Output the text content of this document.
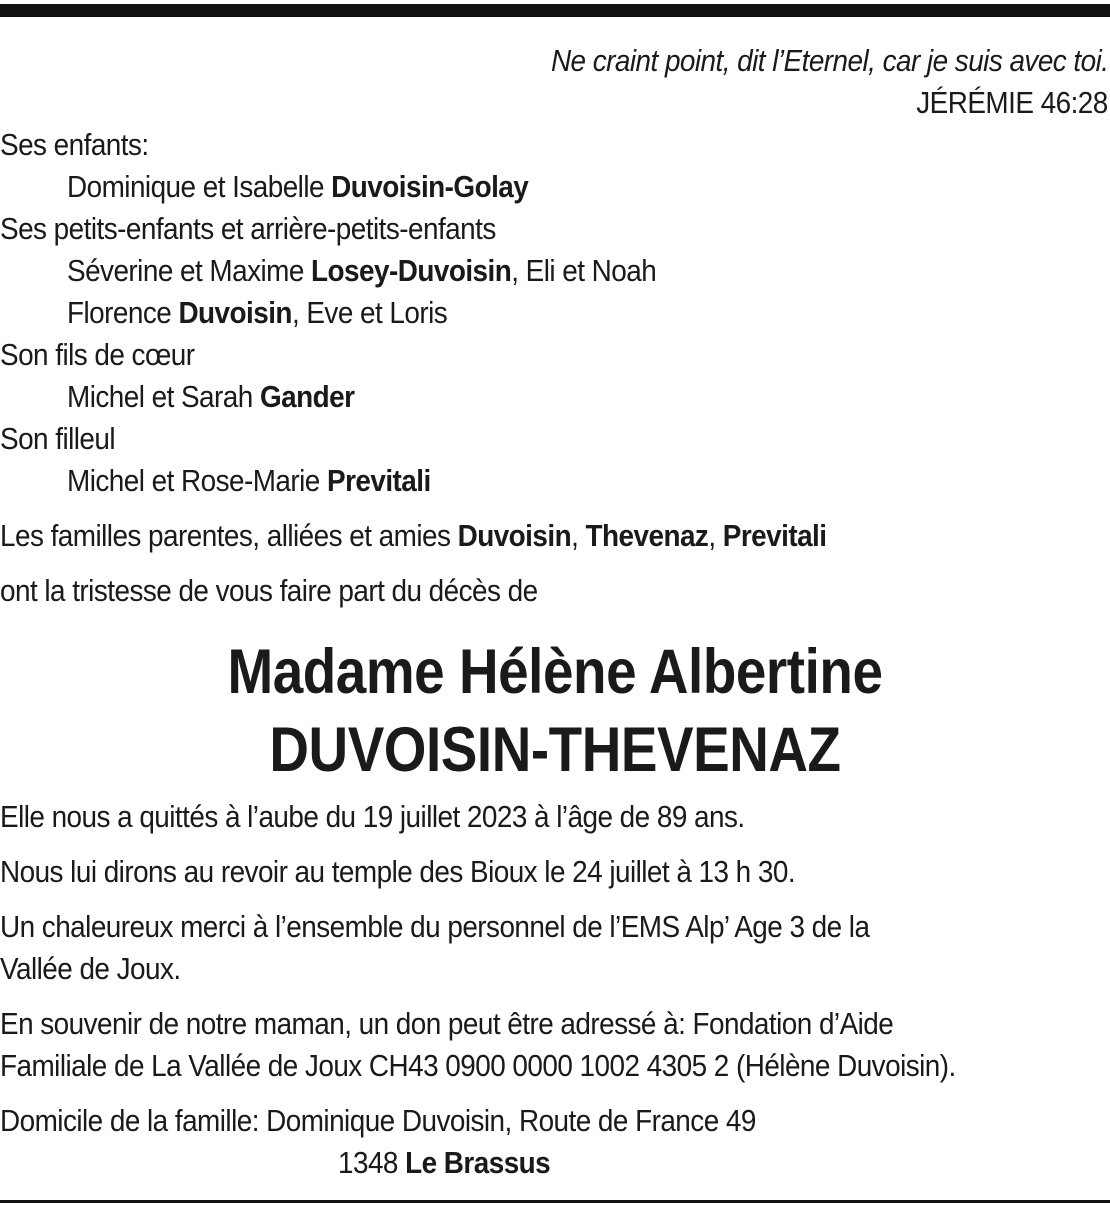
Ne craint point, dit l’Eternel, car je suis avec toi.
JÉRÉMIE 46:28
Ses enfants:
Dominique et Isabelle Duvoisin-Golay
Ses petits-enfants et arrière-petits-enfants
Séverine et Maxime Losey-Duvoisin, Eli et Noah
Florence Duvoisin, Eve et Loris
Son fils de cœur
Michel et Sarah Gander
Son filleul
Michel et Rose-Marie Previtali
Les familles parentes, alliées et amies Duvoisin, Thevenaz, Previtali
ont la tristesse de vous faire part du décès de
Madame Hélène Albertine
DUVOISIN-THEVENAZ
Elle nous a quittés à l’aube du 19 juillet 2023 à l’âge de 89 ans.
Nous lui dirons au revoir au temple des Bioux le 24 juillet à 13 h 30.
Un chaleureux merci à l’ensemble du personnel de l’EMS Alp’ Age 3 de la
Vallée de Joux.
En souvenir de notre maman, un don peut être adressé à: Fondation d’Aide
Familiale de La Vallée de Joux CH43 0900 0000 1002 4305 2 (Hélène Duvoisin).
Domicile de la famille: Dominique Duvoisin, Route de France 49
1348 Le Brassus
